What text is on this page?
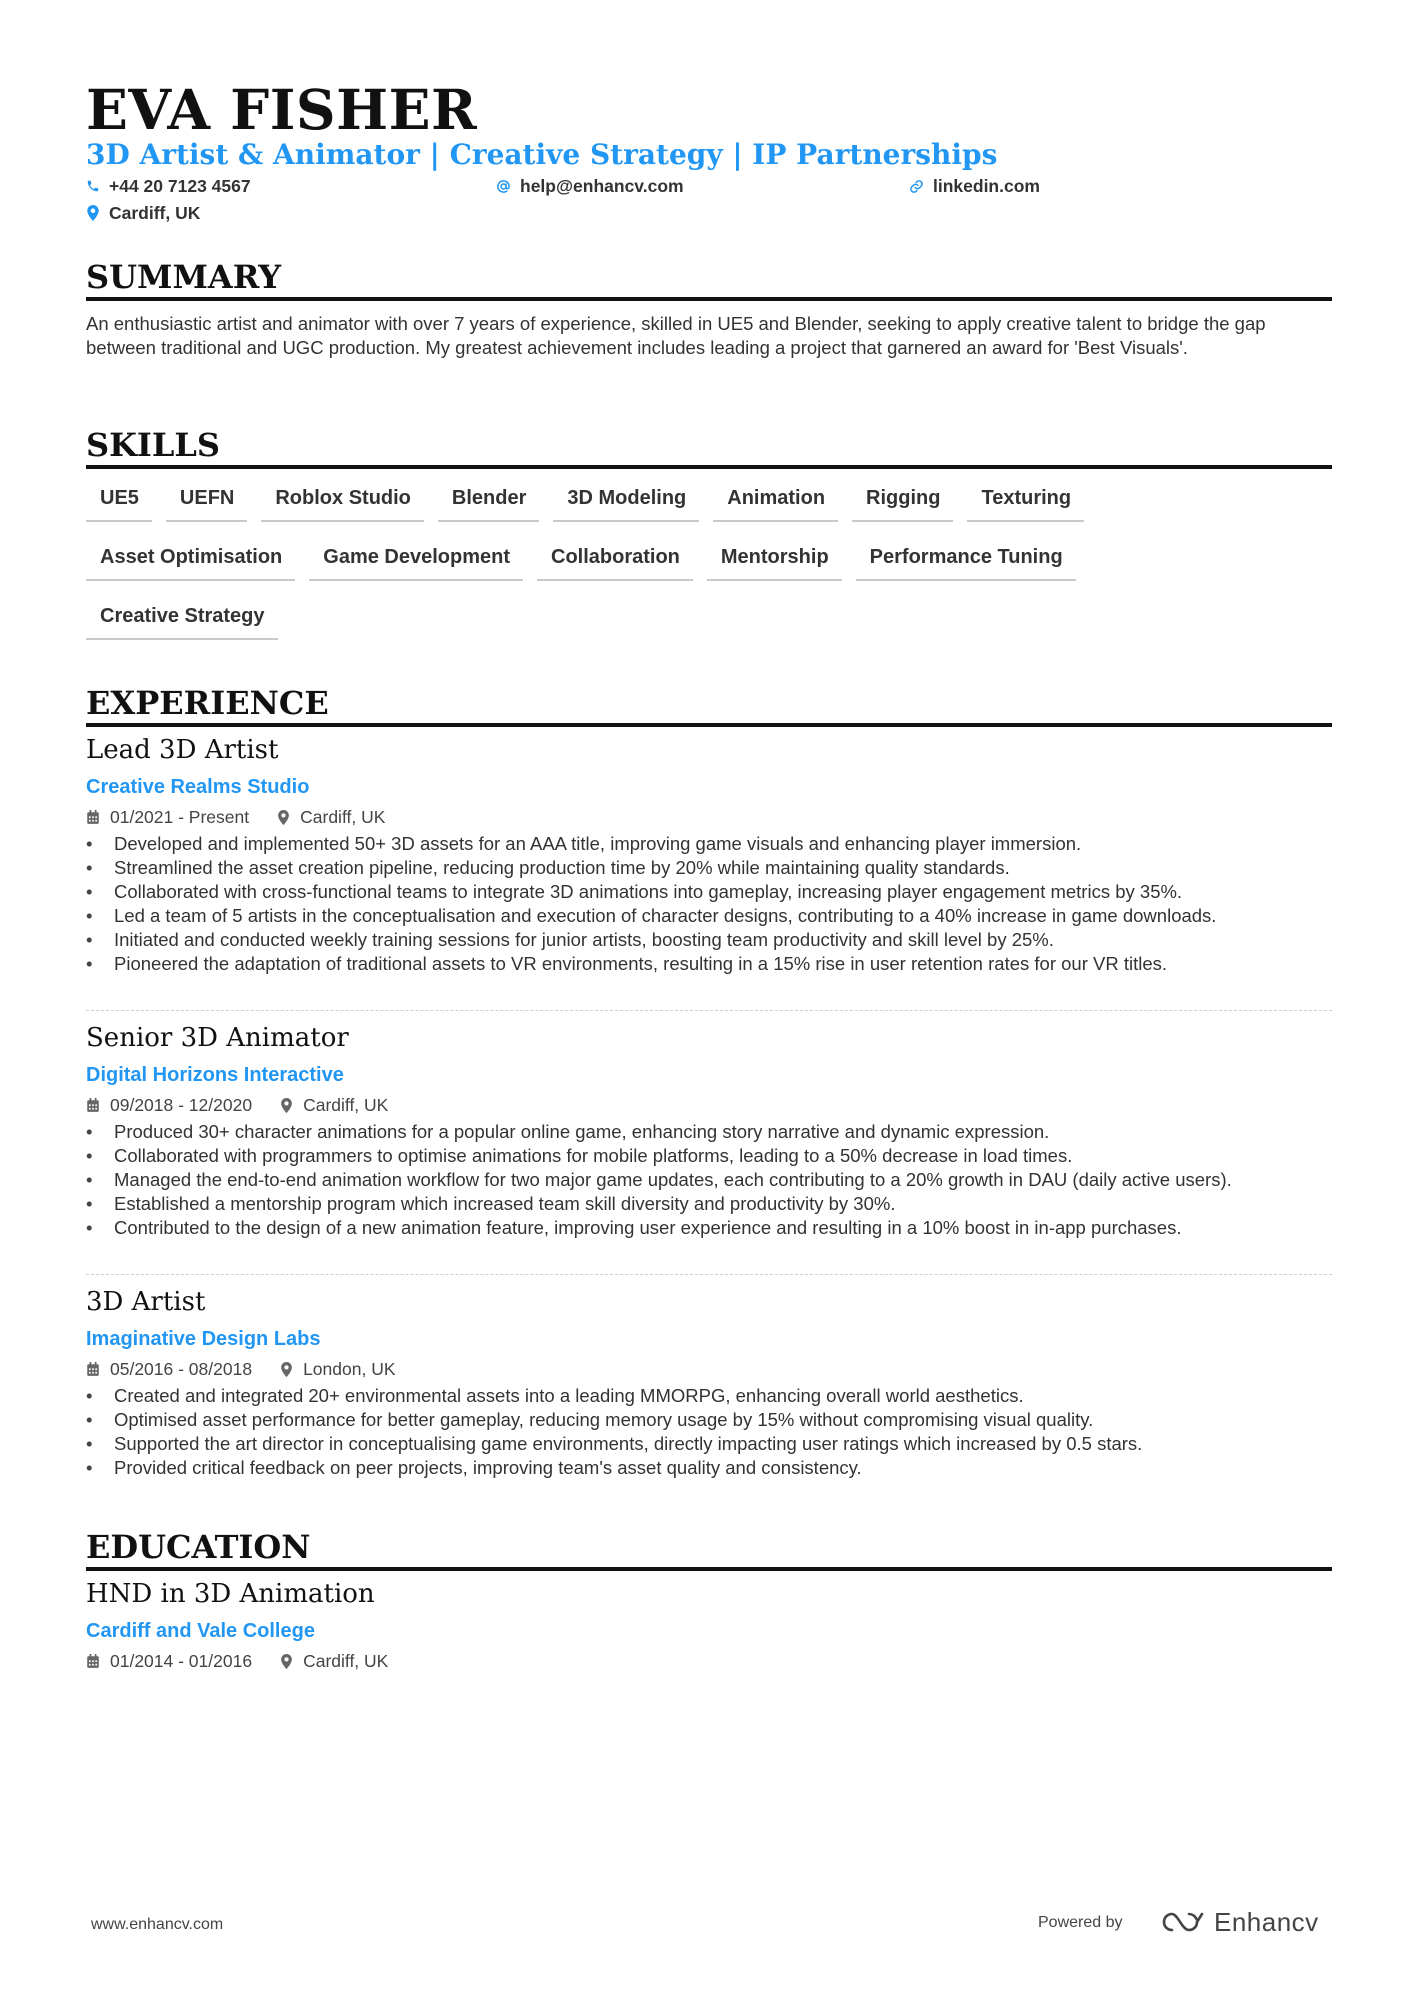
EVA FISHER
3D Artist & Animator | Creative Strategy | IP Partnerships
+44 20 7123 4567	help@enhancv.com	linkedin.com
Cardiff, UK
SUMMARY
An enthusiastic artist and animator with over 7 years of experience, skilled in UE5 and Blender, seeking to apply creative talent to bridge the gap between traditional and UGC production. My greatest achievement includes leading a project that garnered an award for 'Best Visuals'.
SKILLS
UE5	UEFN	Roblox Studio	Blender	3D Modeling	Animation	Rigging	Texturing
Asset Optimisation	Game Development	Collaboration	Mentorship	Performance Tuning
Creative Strategy
EXPERIENCE
Lead 3D Artist
Creative Realms Studio
01/2021 - Present	Cardiff, UK
• Developed and implemented 50+ 3D assets for an AAA title, improving game visuals and enhancing player immersion.
• Streamlined the asset creation pipeline, reducing production time by 20% while maintaining quality standards.
• Collaborated with cross-functional teams to integrate 3D animations into gameplay, increasing player engagement metrics by 35%.
• Led a team of 5 artists in the conceptualisation and execution of character designs, contributing to a 40% increase in game downloads.
• Initiated and conducted weekly training sessions for junior artists, boosting team productivity and skill level by 25%.
• Pioneered the adaptation of traditional assets to VR environments, resulting in a 15% rise in user retention rates for our VR titles.
Senior 3D Animator
Digital Horizons Interactive
09/2018 - 12/2020	Cardiff, UK
• Produced 30+ character animations for a popular online game, enhancing story narrative and dynamic expression.
• Collaborated with programmers to optimise animations for mobile platforms, leading to a 50% decrease in load times.
• Managed the end-to-end animation workflow for two major game updates, each contributing to a 20% growth in DAU (daily active users).
• Established a mentorship program which increased team skill diversity and productivity by 30%.
• Contributed to the design of a new animation feature, improving user experience and resulting in a 10% boost in in-app purchases.
3D Artist
Imaginative Design Labs
05/2016 - 08/2018	London, UK
• Created and integrated 20+ environmental assets into a leading MMORPG, enhancing overall world aesthetics.
• Optimised asset performance for better gameplay, reducing memory usage by 15% without compromising visual quality.
• Supported the art director in conceptualising game environments, directly impacting user ratings which increased by 0.5 stars.
• Provided critical feedback on peer projects, improving team's asset quality and consistency.
EDUCATION
HND in 3D Animation
Cardiff and Vale College
01/2014 - 01/2016	Cardiff, UK
www.enhancv.com	Powered by	Enhancv
